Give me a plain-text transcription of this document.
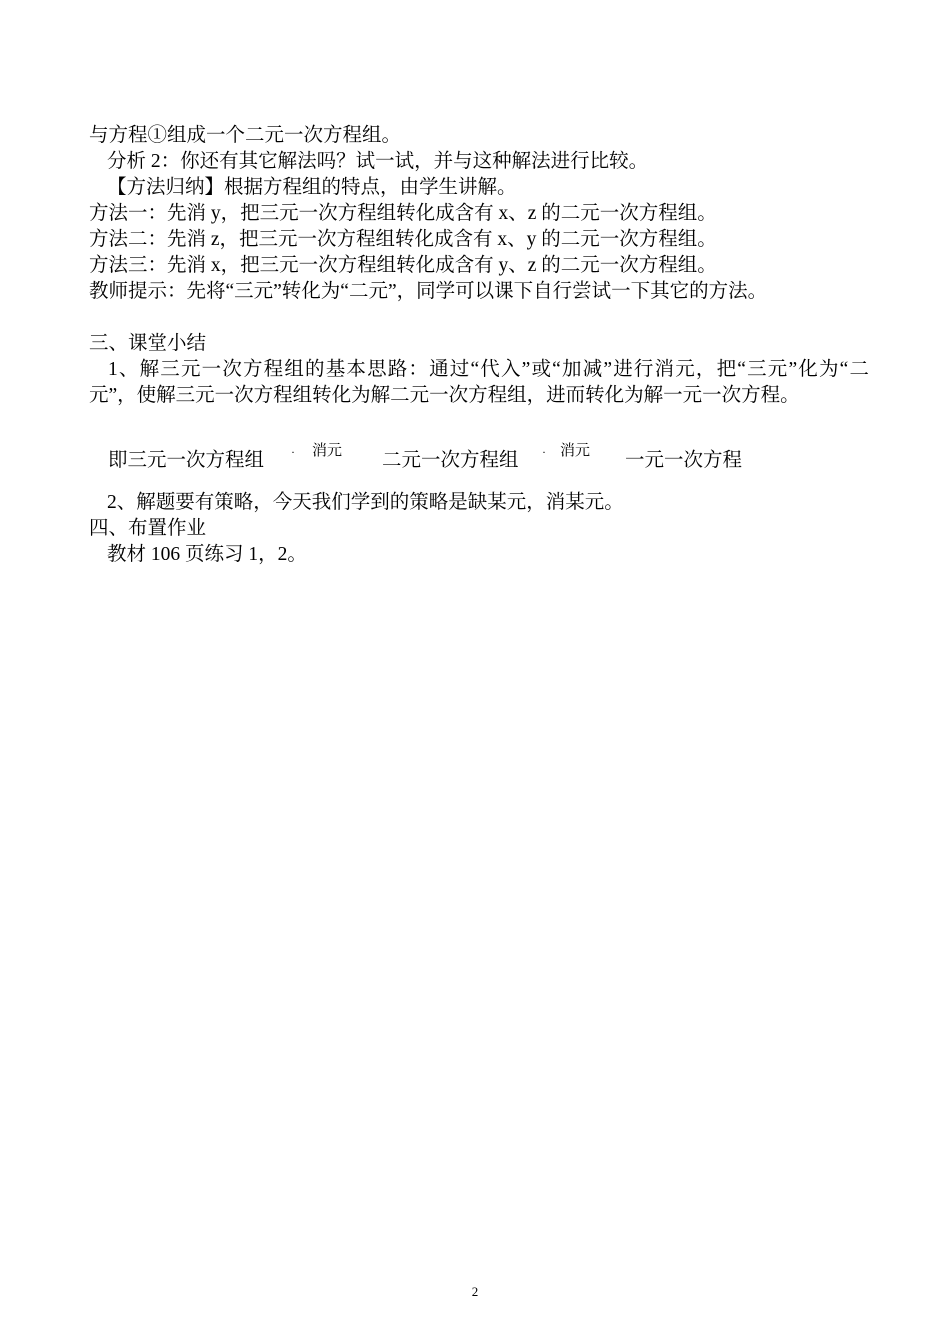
与方程①组成一个二元一次方程组。
分析 2：你还有其它解法吗？试一试，并与这种解法进行比较。
【方法归纳】根据方程组的特点，由学生讲解。
方法一：先消 y，把三元一次方程组转化成含有 x、z 的二元一次方程组。
方法二：先消 z，把三元一次方程组转化成含有 x、y 的二元一次方程组。
方法三：先消 x，把三元一次方程组转化成含有 y、z 的二元一次方程组。
教师提示：先将“三元”转化为“二元”，同学可以课下自行尝试一下其它的方法。
三、课堂小结
1、解三元一次方程组的基本思路：通过“代入”或“加减”进行消元，把“三元”化为“二元”，使解三元一次方程组转化为解二元一次方程组，进而转化为解一元一次方程。
即三元一次方程组 · 消元 二元一次方程组 · 消元 一元一次方程
2、解题要有策略，今天我们学到的策略是缺某元，消某元。
四、布置作业
教材 106 页练习 1，2。
2
